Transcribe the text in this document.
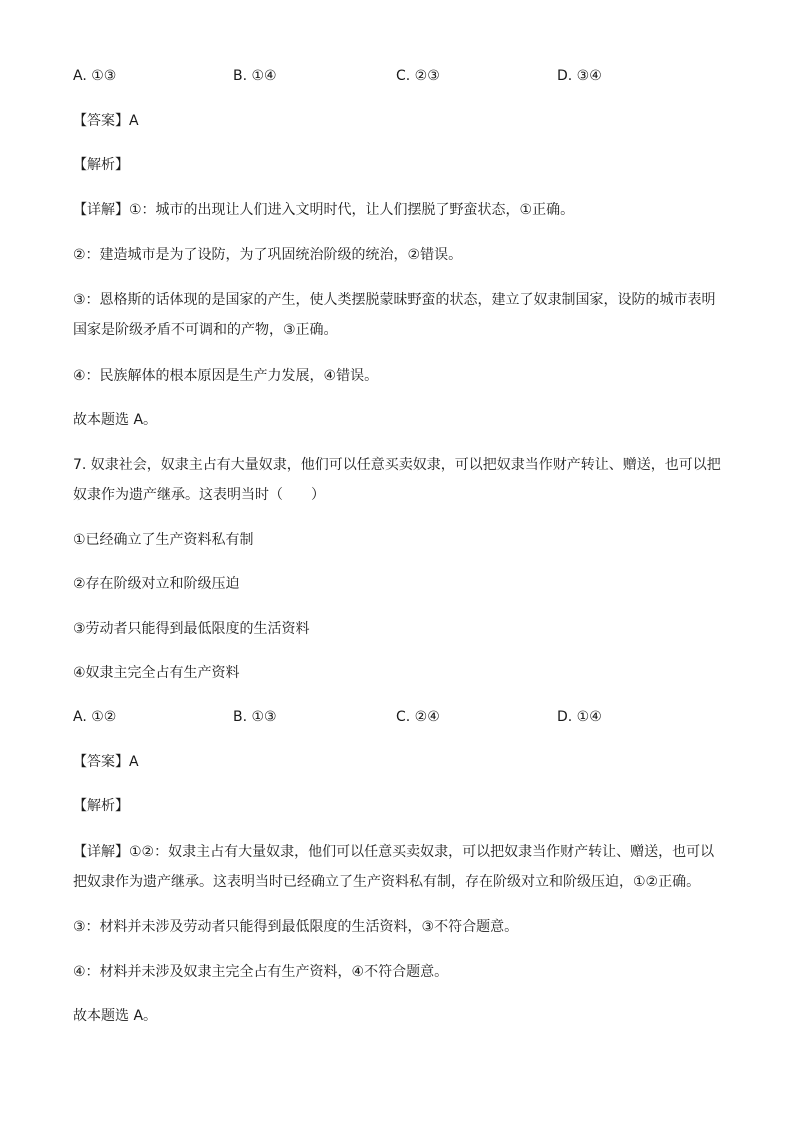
A. ①③	B. ①④	C. ②③	D. ③④
【答案】A
【解析】
【详解】①：城市的出现让人们进入文明时代，让人们摆脱了野蛮状态，①正确。
②：建造城市是为了设防，为了巩固统治阶级的统治，②错误。
③：恩格斯的话体现的是国家的产生，使人类摆脱蒙昧野蛮的状态，建立了奴隶制国家，设防的城市表明
国家是阶级矛盾不可调和的产物，③正确。
④：民族解体的根本原因是生产力发展，④错误。
故本题选 A。
7. 奴隶社会，奴隶主占有大量奴隶，他们可以任意买卖奴隶，可以把奴隶当作财产转让、赠送，也可以把
奴隶作为遗产继承。这表明当时（　　）
①已经确立了生产资料私有制
②存在阶级对立和阶级压迫
③劳动者只能得到最低限度的生活资料
④奴隶主完全占有生产资料
A. ①②	B. ①③	C. ②④	D. ①④
【答案】A
【解析】
【详解】①②：奴隶主占有大量奴隶，他们可以任意买卖奴隶，可以把奴隶当作财产转让、赠送，也可以
把奴隶作为遗产继承。这表明当时已经确立了生产资料私有制，存在阶级对立和阶级压迫，①②正确。
③：材料并未涉及劳动者只能得到最低限度的生活资料，③不符合题意。
④：材料并未涉及奴隶主完全占有生产资料，④不符合题意。
故本题选 A。
